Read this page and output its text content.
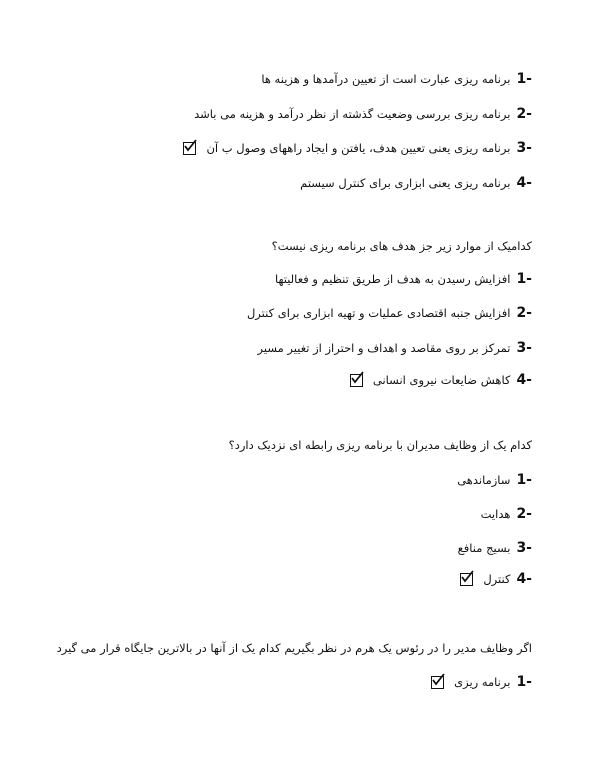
1-
برنامه ریزی عبارت است از تعیین درآمدها و هزینه ها
2-
برنامه ریزی بررسی وضعیت گذشته از نظر درآمد و هزینه می باشد
3-
برنامه ریزی یعنی تعیین هدف، یافتن و ایجاد راههای وصول ب آن
4-
برنامه ریزی یعنی ابزاری برای کنترل سیستم
کدامیک از موارد زیر جز هدف های برنامه ریزی نیست؟
1-
افزایش رسیدن به هدف از طریق تنظیم و فعالیتها
2-
افزایش جنبه اقتصادی عملیات و تهیه ابزاری برای کنترل
3-
تمرکز بر روی مقاصد و اهداف و احتراز از تغییر مسیر
4-
کاهش ضایعات نیروی انسانی
کدام یک از وظایف مدیران با برنامه ریزی رابطه ای نزدیک دارد؟
1-
سازماندهی
2-
هدایت
3-
بسیج منافع
4-
کنترل
اگر وظایف مدیر را در رئوس یک هرم در نظر بگیریم کدام یک از آنها در بالاترین جایگاه قرار می گیرد
1-
برنامه ریزی
